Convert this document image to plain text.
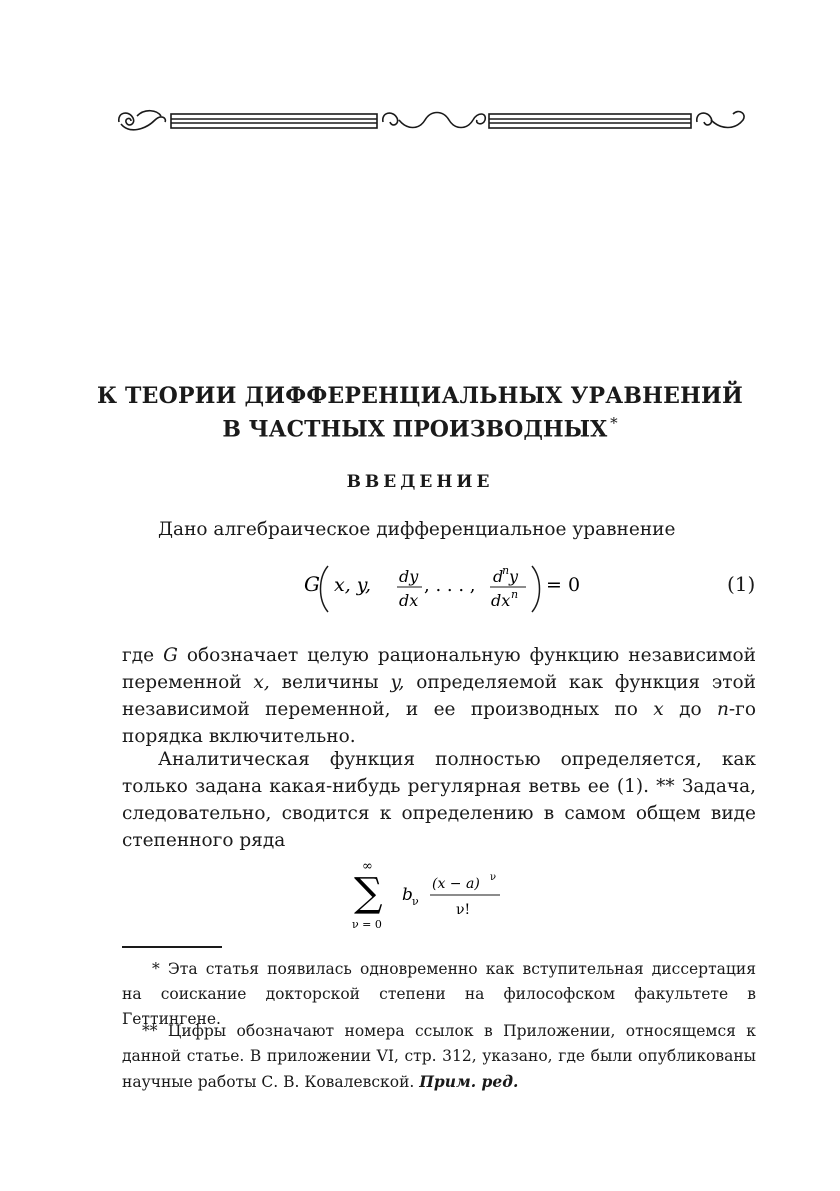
К ТЕОРИИ ДИФФЕРЕНЦИАЛЬНЫХ УРАВНЕНИЙ
В ЧАСТНЫХ ПРОИЗВОДНЫХ *
ВВЕДЕНИЕ
Дано алгебраическое дифференциальное уравнение
G x, y, dy
dx
, . . . , d
n y
dx n = 0	(1)
где G обозначает целую рациональную функцию независимой переменной x, величины y, определяемой как функция этой независимой переменной, и ее производных по x до n-го порядка включительно.
Аналитическая функция полностью определяется, как только задана какая-нибудь регулярная ветвь ее (1). ** Задача, следовательно, сводится к определению в самом общем виде степенного ряда
∞
∑
ν = 0
b ν
(x − a) ν
ν!
* Эта статья появилась одновременно как вступительная диссертация на соискание докторской степени на философском факультете в Геттингене.
** Цифры обозначают номера ссылок в Приложении, относящемся к данной статье. В приложении VI, стр. 312, указано, где были опубликованы научные работы С. В. Ковалевской. Прим. ред.
